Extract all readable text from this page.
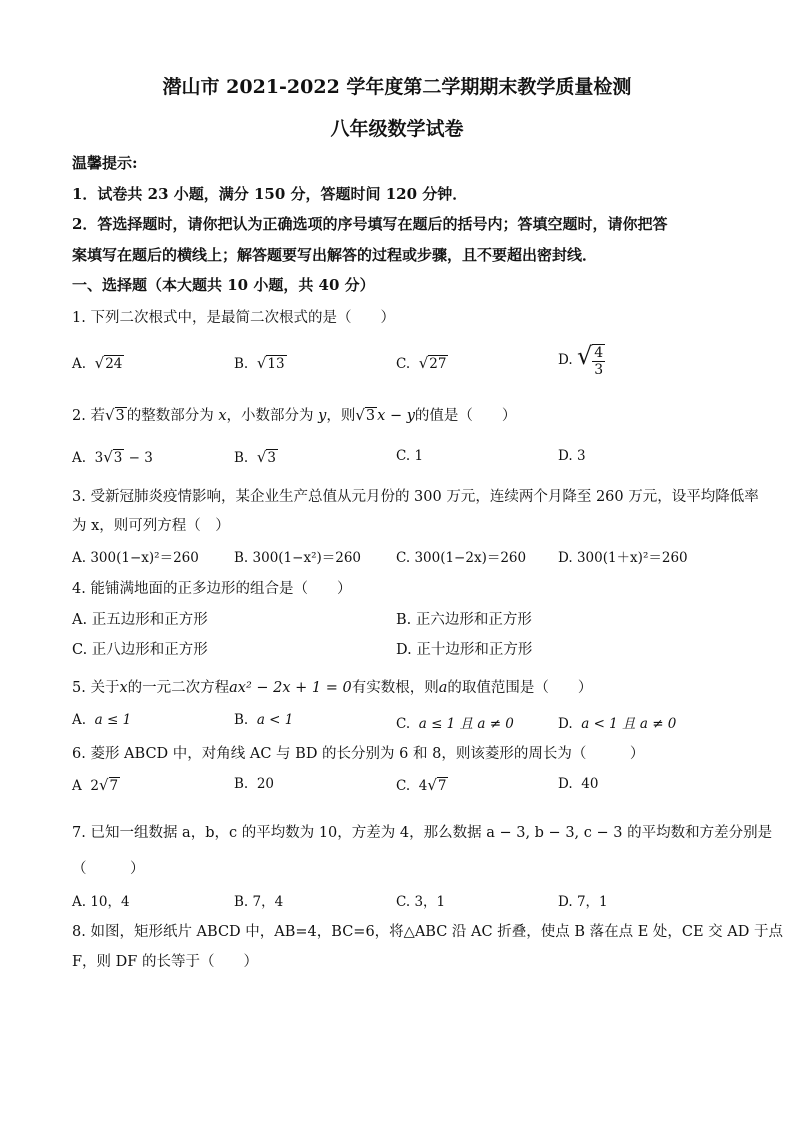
潜山市 2021-2022 学年度第二学期期末教学质量检测
八年级数学试卷
温馨提示:
1．试卷共 23 小题，满分 150 分，答题时间 120 分钟．
2．答选择题时，请你把认为正确选项的序号填写在题后的括号内；答填空题时，请你把答
案填写在题后的横线上；解答题要写出解答的过程或步骤，且不要超出密封线．
一、选择题（本大题共 10 小题，共 40 分）
1. 下列二次根式中，是最简二次根式的是（　　）
A. √24	B. √13	C. √27	D. √ $\frac{4}{3}$
2. 若√3 的整数部分为 x，小数部分为 y，则√3 x − y的值是（　　）
A. 3√3 − 3	B. √3	C. 1	D. 3
3. 受新冠肺炎疫情影响，某企业生产总值从元月份的 300 万元，连续两个月降至 260 万元，设平均降低率
为 x，则可列方程（　）
A. 300(1−x)²＝260	B. 300(1−x²)＝260	C. 300(1−2x)＝260 D. 300(1＋x)²＝260
4. 能铺满地面的正多边形的组合是（　　）
A. 正五边形和正方形	B. 正六边形和正方形
C. 正八边形和正方形	D. 正十边形和正方形
5. 关于x的一元二次方程ax² − 2x + 1 = 0有实数根，则a的取值范围是（　　）
A. a ≤ 1	B. a < 1	C. a ≤ 1 且 a ≠ 0	D. a < 1 且 a ≠ 0
6. 菱形 ABCD 中，对角线 AC 与 BD 的长分别为 6 和 8，则该菱形的周长为（　　　）
A 2√7	B. 20	C. 4√7	D. 40
7. 已知一组数据 a，b，c 的平均数为 10，方差为 4，那么数据 a − 3, b − 3, c − 3 的平均数和方差分别是
（　　　）
A. 10，4	B. 7，4	C. 3，1	D. 7，1
8. 如图，矩形纸片 ABCD 中，AB=4，BC=6，将△ABC 沿 AC 折叠，使点 B 落在点 E 处，CE 交 AD 于点
F，则 DF 的长等于（　　）
